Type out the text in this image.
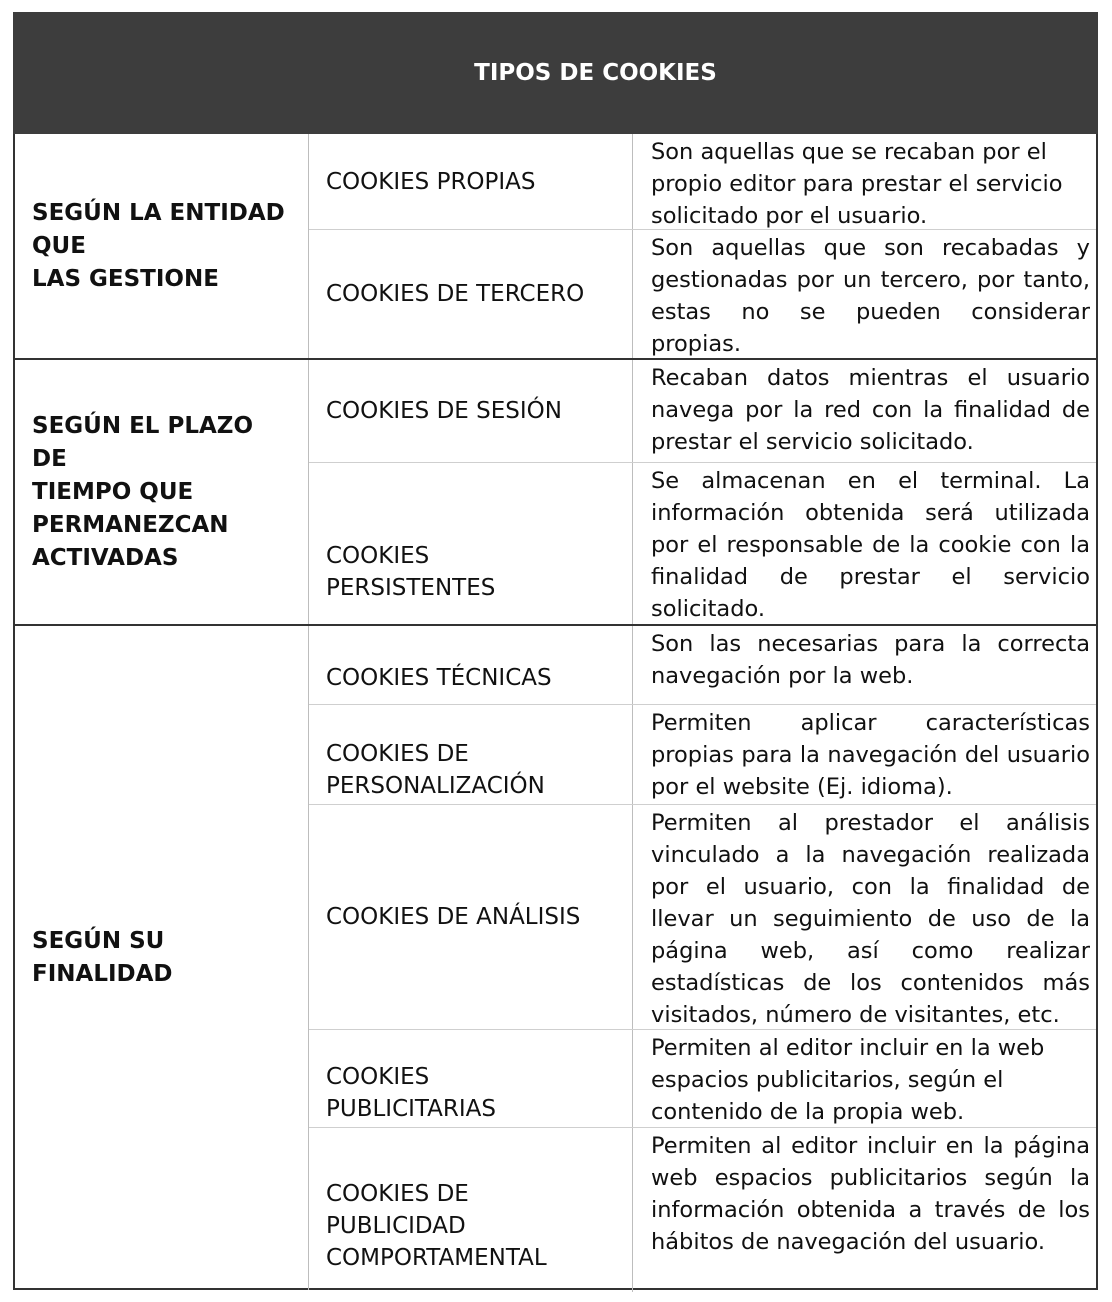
TIPOS DE COOKIES
SEGÚN LA ENTIDAD
QUE
LAS GESTIONE
COOKIES PROPIAS
Son aquellas que se recaban por el propio editor para prestar el servicio solicitado por el usuario.
COOKIES DE TERCERO
Son aquellas que son recabadas y gestionadas por un tercero, por tanto, estas no se pueden considerar propias.
SEGÚN EL PLAZO
DE
TIEMPO QUE
PERMANEZCAN
ACTIVADAS
COOKIES DE SESIÓN
Recaban datos mientras el usuario navega por la red con la finalidad de prestar el servicio solicitado.
COOKIES
PERSISTENTES
Se almacenan en el terminal. La información obtenida será utilizada por el responsable de la cookie con la finalidad de prestar el servicio solicitado.
SEGÚN SU
FINALIDAD
COOKIES TÉCNICAS
Son las necesarias para la correcta navegación por la web.
COOKIES DE
PERSONALIZACIÓN
Permiten aplicar características propias para la navegación del usuario por el website (Ej. idioma).
COOKIES DE ANÁLISIS
Permiten al prestador el análisis vinculado a la navegación realizada por el usuario, con la finalidad de llevar un seguimiento de uso de la página web, así como realizar estadísticas de los contenidos más visitados, número de visitantes, etc.
COOKIES
PUBLICITARIAS
Permiten al editor incluir en la web espacios publicitarios, según el contenido de la propia web.
COOKIES DE
PUBLICIDAD
COMPORTAMENTAL
Permiten al editor incluir en la página web espacios publicitarios según la información obtenida a través de los hábitos de navegación del usuario.
